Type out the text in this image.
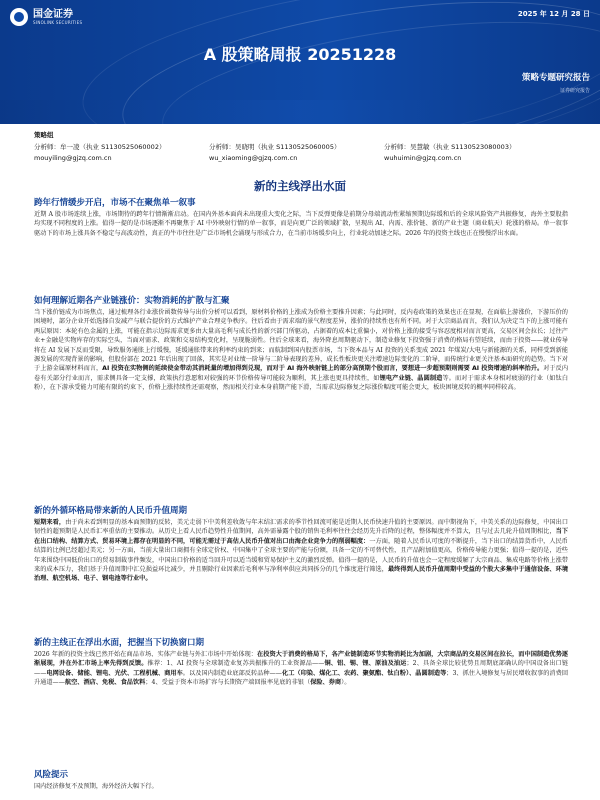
国金证券
SINOLINK SECURITIES
2025 年 12 月 28 日
A 股策略周报 20251228
策略专题研究报告
证券研究报告
策略组
分析师：牟一凌（执业 S1130525060002）
mouyiling@gjzq.com.cn
分析师：吴晓明（执业 S1130525060005）
wu_xiaoming@gjzq.com.cn
分析师：吴慧敏（执业 S1130523080003）
wuhuimin@gjzq.com.cn
新的主线浮出水面
跨年行情缓步开启，市场不在聚焦单一叙事
近期 A 股市场连续上涨，市场期待的跨年行情渐渐启动。在国内外基本面尚未出现重大变化之际，当下反弹更像是前期分母端流动性紧缩预期边际缓和后的全球风险资产共振修复，海外主要股指均实现不同程度的上涨。值得一提的是市场逐渐不再聚焦于 AI 中外映射行情的单一叙事，而是向更广泛的领域扩散，呈现出 AI、内需、涨价链、新的产业主题（商业航天）轮涨的格局。单一叙事驱动下的市场上涨具备不稳定与高波动性，真正的牛市往往是广泛市场机会涌现与形成合力，在当前市场缓步向上，行业轮动加速之际。2026 年的投资主线也正在慢慢浮出水面。
如何理解近期各产业链涨价：实物消耗的扩散与汇聚
当下涨价链成为市场焦点，通过梳理各行业涨价函数传导与出价分析可以看到，原材料价格的上涨成为价格主要推升因素；与此同时，反内卷政策的效果也正在显现，在面临上游涨价，下游压价的困境时，部分企业开始选择自发减产与联合提价的方式维护产业合理竞争秩序。往后看由于需求端的景气程度差异，涨价的持续性也有所不同。对于大宗商品而言，我们认为决定当下的上涨可能有两层原因：本轮有色金属的上涨，可能在指示边际需求更多由大量高毛利与成长性的新兴部门所驱动，占据着的成本比重偏小，对价格上涨的接受与容忍度相对而言更高，交易区间会拉长；过往产业+金融是实物库存的实际空头，当面对需求、政策和交易结构变化时，呈现脆弱性。往后全球来看，海外降息周期驱动下，制造业修复下投资强于消费的格局有望延续，而由于投资——就业传导将在 AI 发展下反而受限，导致服务通胀上行缓慢，延缓通胀带来的利率约束的到来；而航制到国内股票市场，当下资本品与 AI 投资的关系变成 2021 年煤炭/大电与新能源的关系，同样受到新能源发展的实现背景的影响，但股份部在 2021 年后出现了回落，其实是对业绩一阶导与二阶导表现的差异，成长性板块更关注增速边际变化的二阶导，而传统行业更关注基本面研究的趋势。当下对于上游金属原材料而言，AI 投资在实物侧的延续使金带动其消耗量的增加得到兑现，而对于 AI 海外映射链上的部分高预期个股而言，要想进一步超预期则需要 AI 投资增速的斜率抬升。对于反内卷有关部分行业而言，需求侧具备一定支撑，政策执行意愿和对较强的环节价格传导可能较为顺利，其上涨也更具持续性，如锂电产业链、晶圆制造等。而对于需求本身相对疲弱的行业（如钛白粉），在下游承受能力可能有限的约束下，价格上涨持续性还需观察，然而相关行业本身前期产能下滑，当需求边际修复之际涨价幅度可能会更大，板块困境反转的概率同样较高。
新的外循环格局带来新的人民币升值周期
短期来看，由于尚未看到明显的基本面预期的反转，美元走弱下中美利差收敛与年末结汇需求的季节性回流可能是近期人民币快速升值的主要原因。而中期视角下，中美关系的边际修复，中国出口韧性的超预期是人民币汇率重估的主要推动。从历史上看人民币趋势性升值期间，高外需暴露个股的销售毛利率往往会经历先升后降的过程，整体幅度并不算大，且与过去几轮升值周期相比，当下在出口结构、结算方式、贸易环境上都存在明显的不同，可能无需过于高估人民币升值对出口由海企业竞争力的削弱幅度：一方面，随着人民币认可度的不断提升，当下出口的结算货币中，人民币结算的比例已经超过美元；另一方面，当前大量出口商拥有全球定价权、中国集中了全球主要的产能与份额，具备一定的不可替代性，且产品附加值更高，价格传导能力更强；值得一提的是，近些年来围绕中国低价出口的贸易制裁事件频发，中国出口价格的适当回升可以适当缓和贸易保护主义的激烈反弹。值得一提的是，人民币的升值也会一定程度缓解了大宗商品、集成电路等价格上涨带来的成本压力，我们基于升值周期中汇兑损益环比减少，并且剔除行业因素后毛利率与净利率供应共同拆分的几个维度进行筛选，最终得到人民币升值周期中受益的个股大多集中于通信设备、环境治理、航空机场、电子、钢电池等行业中。
新的主线正在浮出水面，把握当下切换窗口期
2026 年新的投资主线已然开始在商品市场、实体产业链与外汇市场中开始体现：在投资大于消费的格局下，各产业链制造环节实物消耗比为加剧，大宗商品的交易区间在拉长，而中国制造优势逐渐展现，并在外汇市场上率先得到反馈。推荐：1、AI 投资与全球制造业复苏共振推升的工业资源品——铜、铝、锡、锂、原油及油运；2、具备全球比较优势且周期底部确认的中国设备出口链——电网设备、储能、锂电、光伏、工程机械、商用车。以及国内制造业底部反转品种——化工（印染、煤化工、农药、聚氨酯、钛白粉）、晶圆制造等；3、抓住入境修复与居民增收叙事的消费回升通道——航空、酒店、免税、食品饮料；4、受益于资本市场扩容与长期资产端回报率见底的非银（保险、券商）。
风险提示
国内经济修复不及预期，海外经济大幅下行。
